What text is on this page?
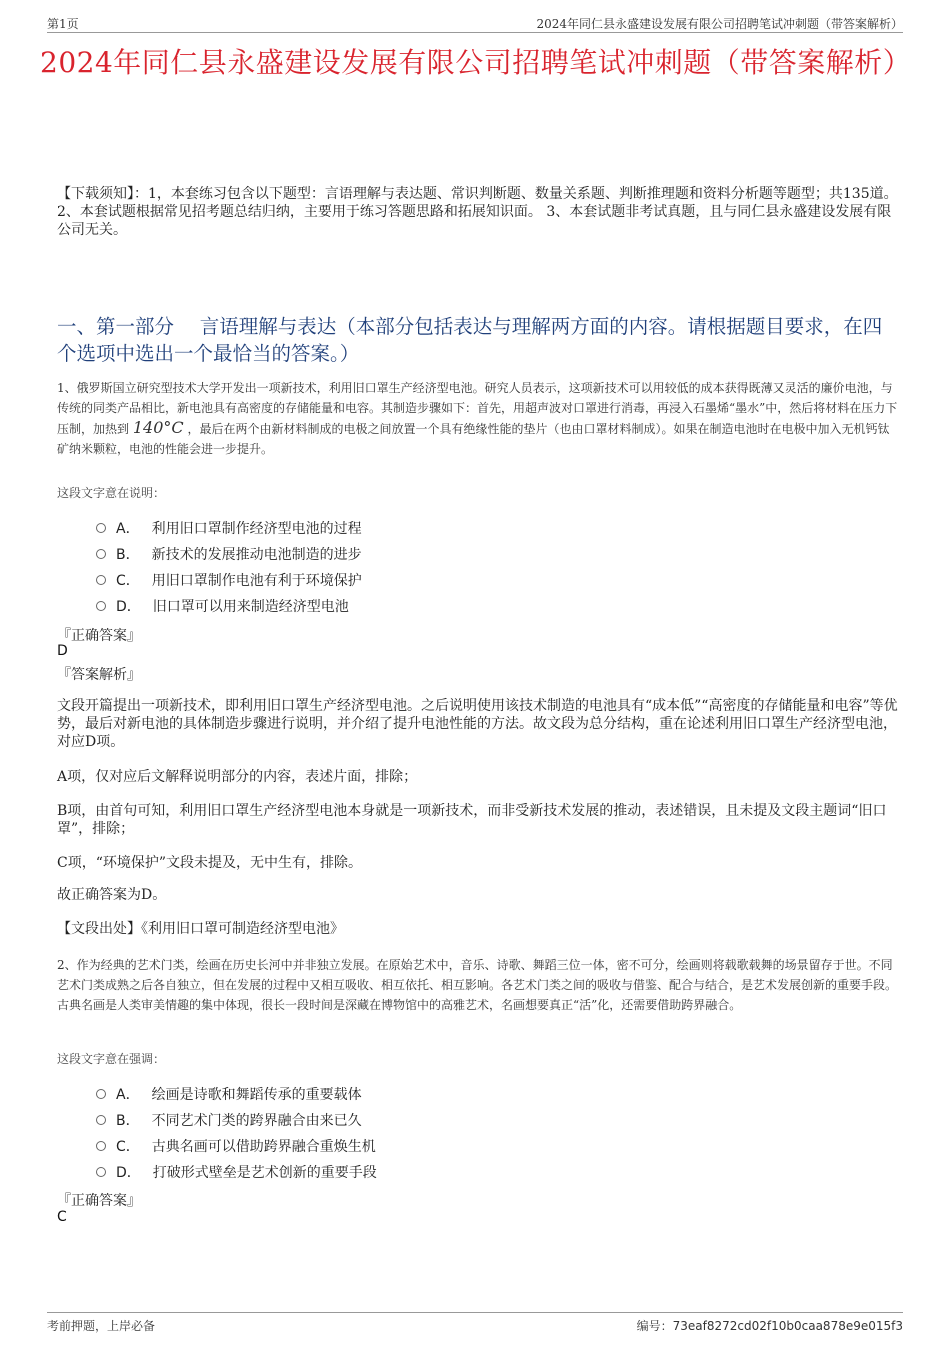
第1页	2024年同仁县永盛建设发展有限公司招聘笔试冲刺题（带答案解析）
2024年同仁县永盛建设发展有限公司招聘笔试冲刺题（带答案解析）
【下载须知】：1，本套练习包含以下题型：言语理解与表达题、常识判断题、数量关系题、判断推理题和资料分析题等题型；共135道。 2、本套试题根据常见招考题总结归纳，主要用于练习答题思路和拓展知识面。 3、本套试题非考试真题，且与同仁县永盛建设发展有限公司无关。
一、第一部分　 言语理解与表达（本部分包括表达与理解两方面的内容。请根据题目要求，在四个选项中选出一个最恰当的答案。）
1、俄罗斯国立研究型技术大学开发出一项新技术，利用旧口罩生产经济型电池。研究人员表示，这项新技术可以用较低的成本获得既薄又灵活的廉价电池，与传统的同类产品相比，新电池具有高密度的存储能量和电容。其制造步骤如下：首先，用超声波对口罩进行消毒，再浸入石墨烯“墨水”中，然后将材料在压力下压制，加热到 140°C ，最后在两个由新材料制成的电极之间放置一个具有绝缘性能的垫片（也由口罩材料制成）。如果在制造电池时在电极中加入无机钙钛矿纳米颗粒，电池的性能会进一步提升。
这段文字意在说明：
A． 利用旧口罩制作经济型电池的过程
B． 新技术的发展推动电池制造的进步
C． 用旧口罩制作电池有利于环境保护
D． 旧口罩可以用来制造经济型电池
『正确答案』
D
『答案解析』
文段开篇提出一项新技术，即利用旧口罩生产经济型电池。之后说明使用该技术制造的电池具有“成本低”“高密度的存储能量和电容”等优势，最后对新电池的具体制造步骤进行说明，并介绍了提升电池性能的方法。故文段为总分结构，重在论述利用旧口罩生产经济型电池，对应D项。
A项，仅对应后文解释说明部分的内容，表述片面，排除；
B项，由首句可知，利用旧口罩生产经济型电池本身就是一项新技术，而非受新技术发展的推动，表述错误，且未提及文段主题词“旧口罩”，排除；
C项，“环境保护”文段未提及，无中生有，排除。
故正确答案为D。
【文段出处】《利用旧口罩可制造经济型电池》
2、作为经典的艺术门类，绘画在历史长河中并非独立发展。在原始艺术中，音乐、诗歌、舞蹈三位一体，密不可分，绘画则将载歌载舞的场景留存于世。不同艺术门类成熟之后各自独立，但在发展的过程中又相互吸收、相互依托、相互影响。各艺术门类之间的吸收与借鉴、配合与结合，是艺术发展创新的重要手段。古典名画是人类审美情趣的集中体现，很长一段时间是深藏在博物馆中的高雅艺术，名画想要真正“活”化，还需要借助跨界融合。
这段文字意在强调：
A． 绘画是诗歌和舞蹈传承的重要载体
B． 不同艺术门类的跨界融合由来已久
C． 古典名画可以借助跨界融合重焕生机
D． 打破形式壁垒是艺术创新的重要手段
『正确答案』
C
考前押题，上岸必备	编号：73eaf8272cd02f10b0caa878e9e015f3
